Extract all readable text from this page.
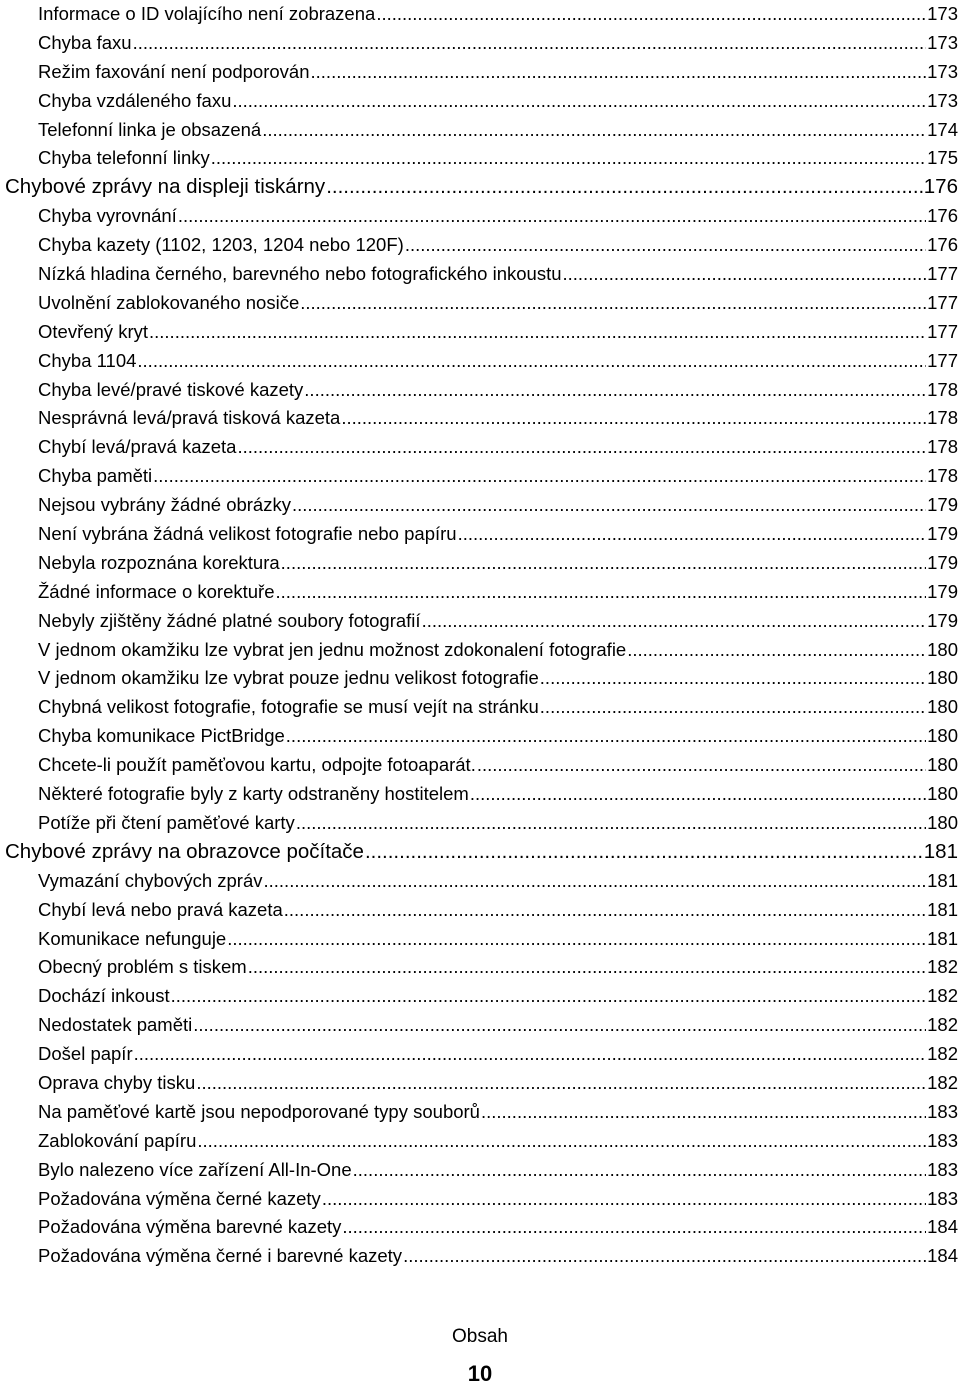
Informace o ID volajícího není zobrazena .....	173
Chyba faxu .....	173
Režim faxování není podporován .....	173
Chyba vzdáleného faxu .....	173
Telefonní linka je obsazená .....	174
Chyba telefonní linky .....	175
Chybové zprávy na displeji tiskárny .....	176
Chyba vyrovnání .....	176
Chyba kazety (1102, 1203, 1204 nebo 120F) .....	176
Nízká hladina černého, barevného nebo fotografického inkoustu .....	177
Uvolnění zablokovaného nosiče .....	177
Otevřený kryt .....	177
Chyba 1104 .....	177
Chyba levé/pravé tiskové kazety .....	178
Nesprávná levá/pravá tisková kazeta .....	178
Chybí levá/pravá kazeta .....	178
Chyba paměti .....	178
Nejsou vybrány žádné obrázky .....	179
Není vybrána žádná velikost fotografie nebo papíru .....	179
Nebyla rozpoznána korektura .....	179
Žádné informace o korektuře .....	179
Nebyly zjištěny žádné platné soubory fotografií .....	179
V jednom okamžiku lze vybrat jen jednu možnost zdokonalení fotografie .....	180
V jednom okamžiku lze vybrat pouze jednu velikost fotografie .....	180
Chybná velikost fotografie, fotografie se musí vejít na stránku .....	180
Chyba komunikace PictBridge .....	180
Chcete-li použít paměťovou kartu, odpojte fotoaparát. .....	180
Některé fotografie byly z karty odstraněny hostitelem .....	180
Potíže při čtení paměťové karty .....	180
Chybové zprávy na obrazovce počítače .....	181
Vymazání chybových zpráv .....	181
Chybí levá nebo pravá kazeta .....	181
Komunikace nefunguje .....	181
Obecný problém s tiskem .....	182
Dochází inkoust .....	182
Nedostatek paměti .....	182
Došel papír .....	182
Oprava chyby tisku .....	182
Na paměťové kartě jsou nepodporované typy souborů .....	183
Zablokování papíru .....	183
Bylo nalezeno více zařízení All-In-One .....	183
Požadována výměna černé kazety .....	183
Požadována výměna barevné kazety .....	184
Požadována výměna černé i barevné kazety .....	184
Obsah
10
